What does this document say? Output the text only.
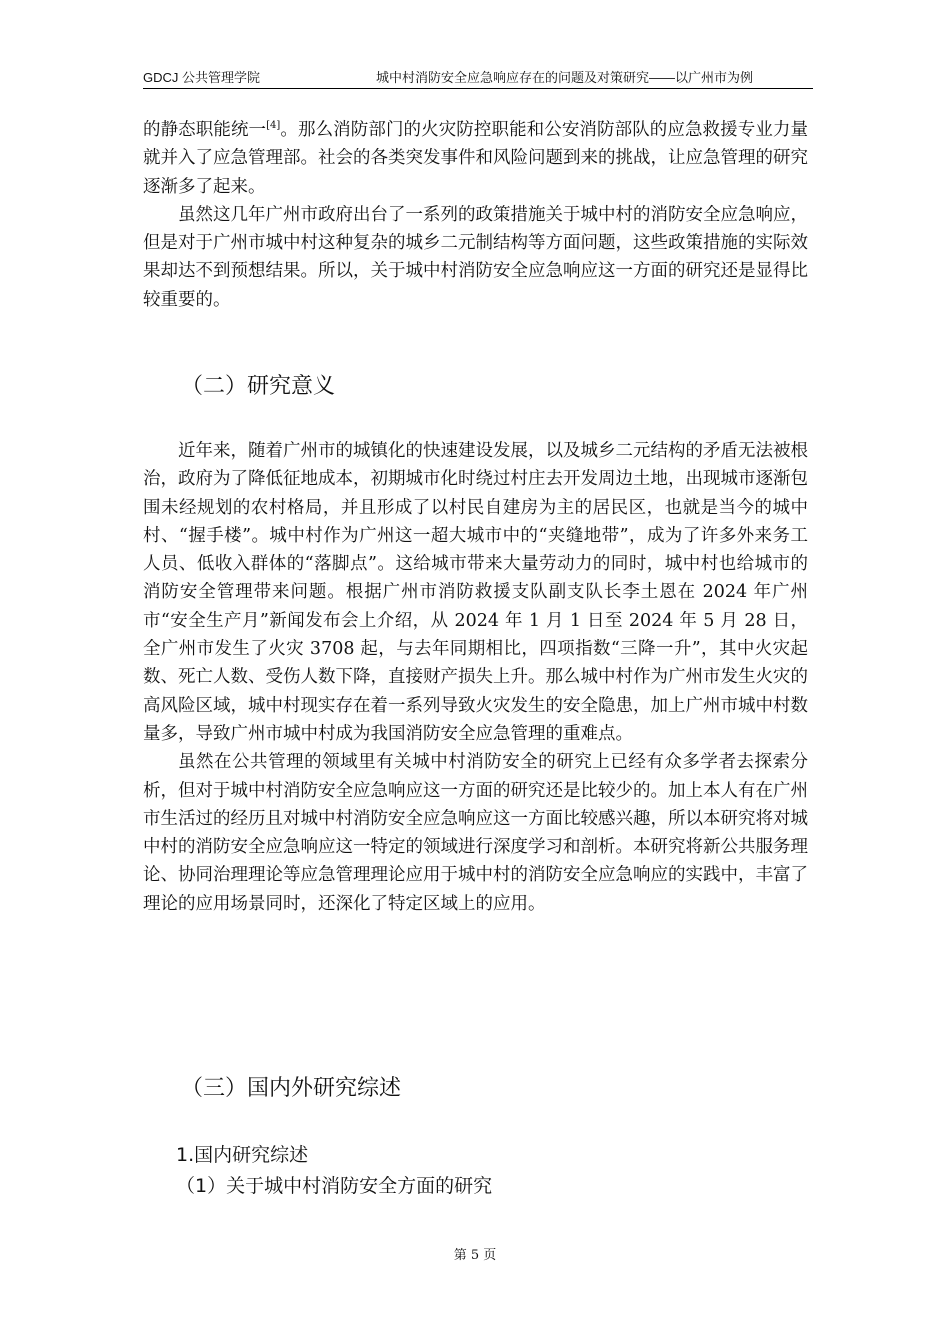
GDCJ 公共管理学院	城中村消防安全应急响应存在的问题及对策研究——以广州市为例

的静态职能统一[4]。那么消防部门的火灾防控职能和公安消防部队的应急救援专业力量就并入了应急管理部。社会的各类突发事件和风险问题到来的挑战，让应急管理的研究逐渐多了起来。

虽然这几年广州市政府出台了一系列的政策措施关于城中村的消防安全应急响应，但是对于广州市城中村这种复杂的城乡二元制结构等方面问题，这些政策措施的实际效果却达不到预想结果。所以，关于城中村消防安全应急响应这一方面的研究还是显得比较重要的。

（二）研究意义

近年来，随着广州市的城镇化的快速建设发展，以及城乡二元结构的矛盾无法被根治，政府为了降低征地成本，初期城市化时绕过村庄去开发周边土地，出现城市逐渐包围未经规划的农村格局，并且形成了以村民自建房为主的居民区，也就是当今的城中村、“握手楼”。城中村作为广州这一超大城市中的“夹缝地带”，成为了许多外来务工人员、低收入群体的“落脚点”。这给城市带来大量劳动力的同时，城中村也给城市的消防安全管理带来问题。根据广州市消防救援支队副支队长李土恩在 2024 年广州市“安全生产月”新闻发布会上介绍，从 2024 年 1 月 1 日至 2024 年 5 月 28 日，全广州市发生了火灾 3708 起，与去年同期相比，四项指数“三降一升”，其中火灾起数、死亡人数、受伤人数下降，直接财产损失上升。那么城中村作为广州市发生火灾的高风险区域，城中村现实存在着一系列导致火灾发生的安全隐患，加上广州市城中村数量多，导致广州市城中村成为我国消防安全应急管理的重难点。

虽然在公共管理的领域里有关城中村消防安全的研究上已经有众多学者去探索分析，但对于城中村消防安全应急响应这一方面的研究还是比较少的。加上本人有在广州市生活过的经历且对城中村消防安全应急响应这一方面比较感兴趣，所以本研究将对城中村的消防安全应急响应这一特定的领域进行深度学习和剖析。本研究将新公共服务理论、协同治理理论等应急管理理论应用于城中村的消防安全应急响应的实践中，丰富了理论的应用场景同时，还深化了特定区域上的应用。

（三）国内外研究综述
1.国内研究综述
（1）关于城中村消防安全方面的研究
第 5 页
